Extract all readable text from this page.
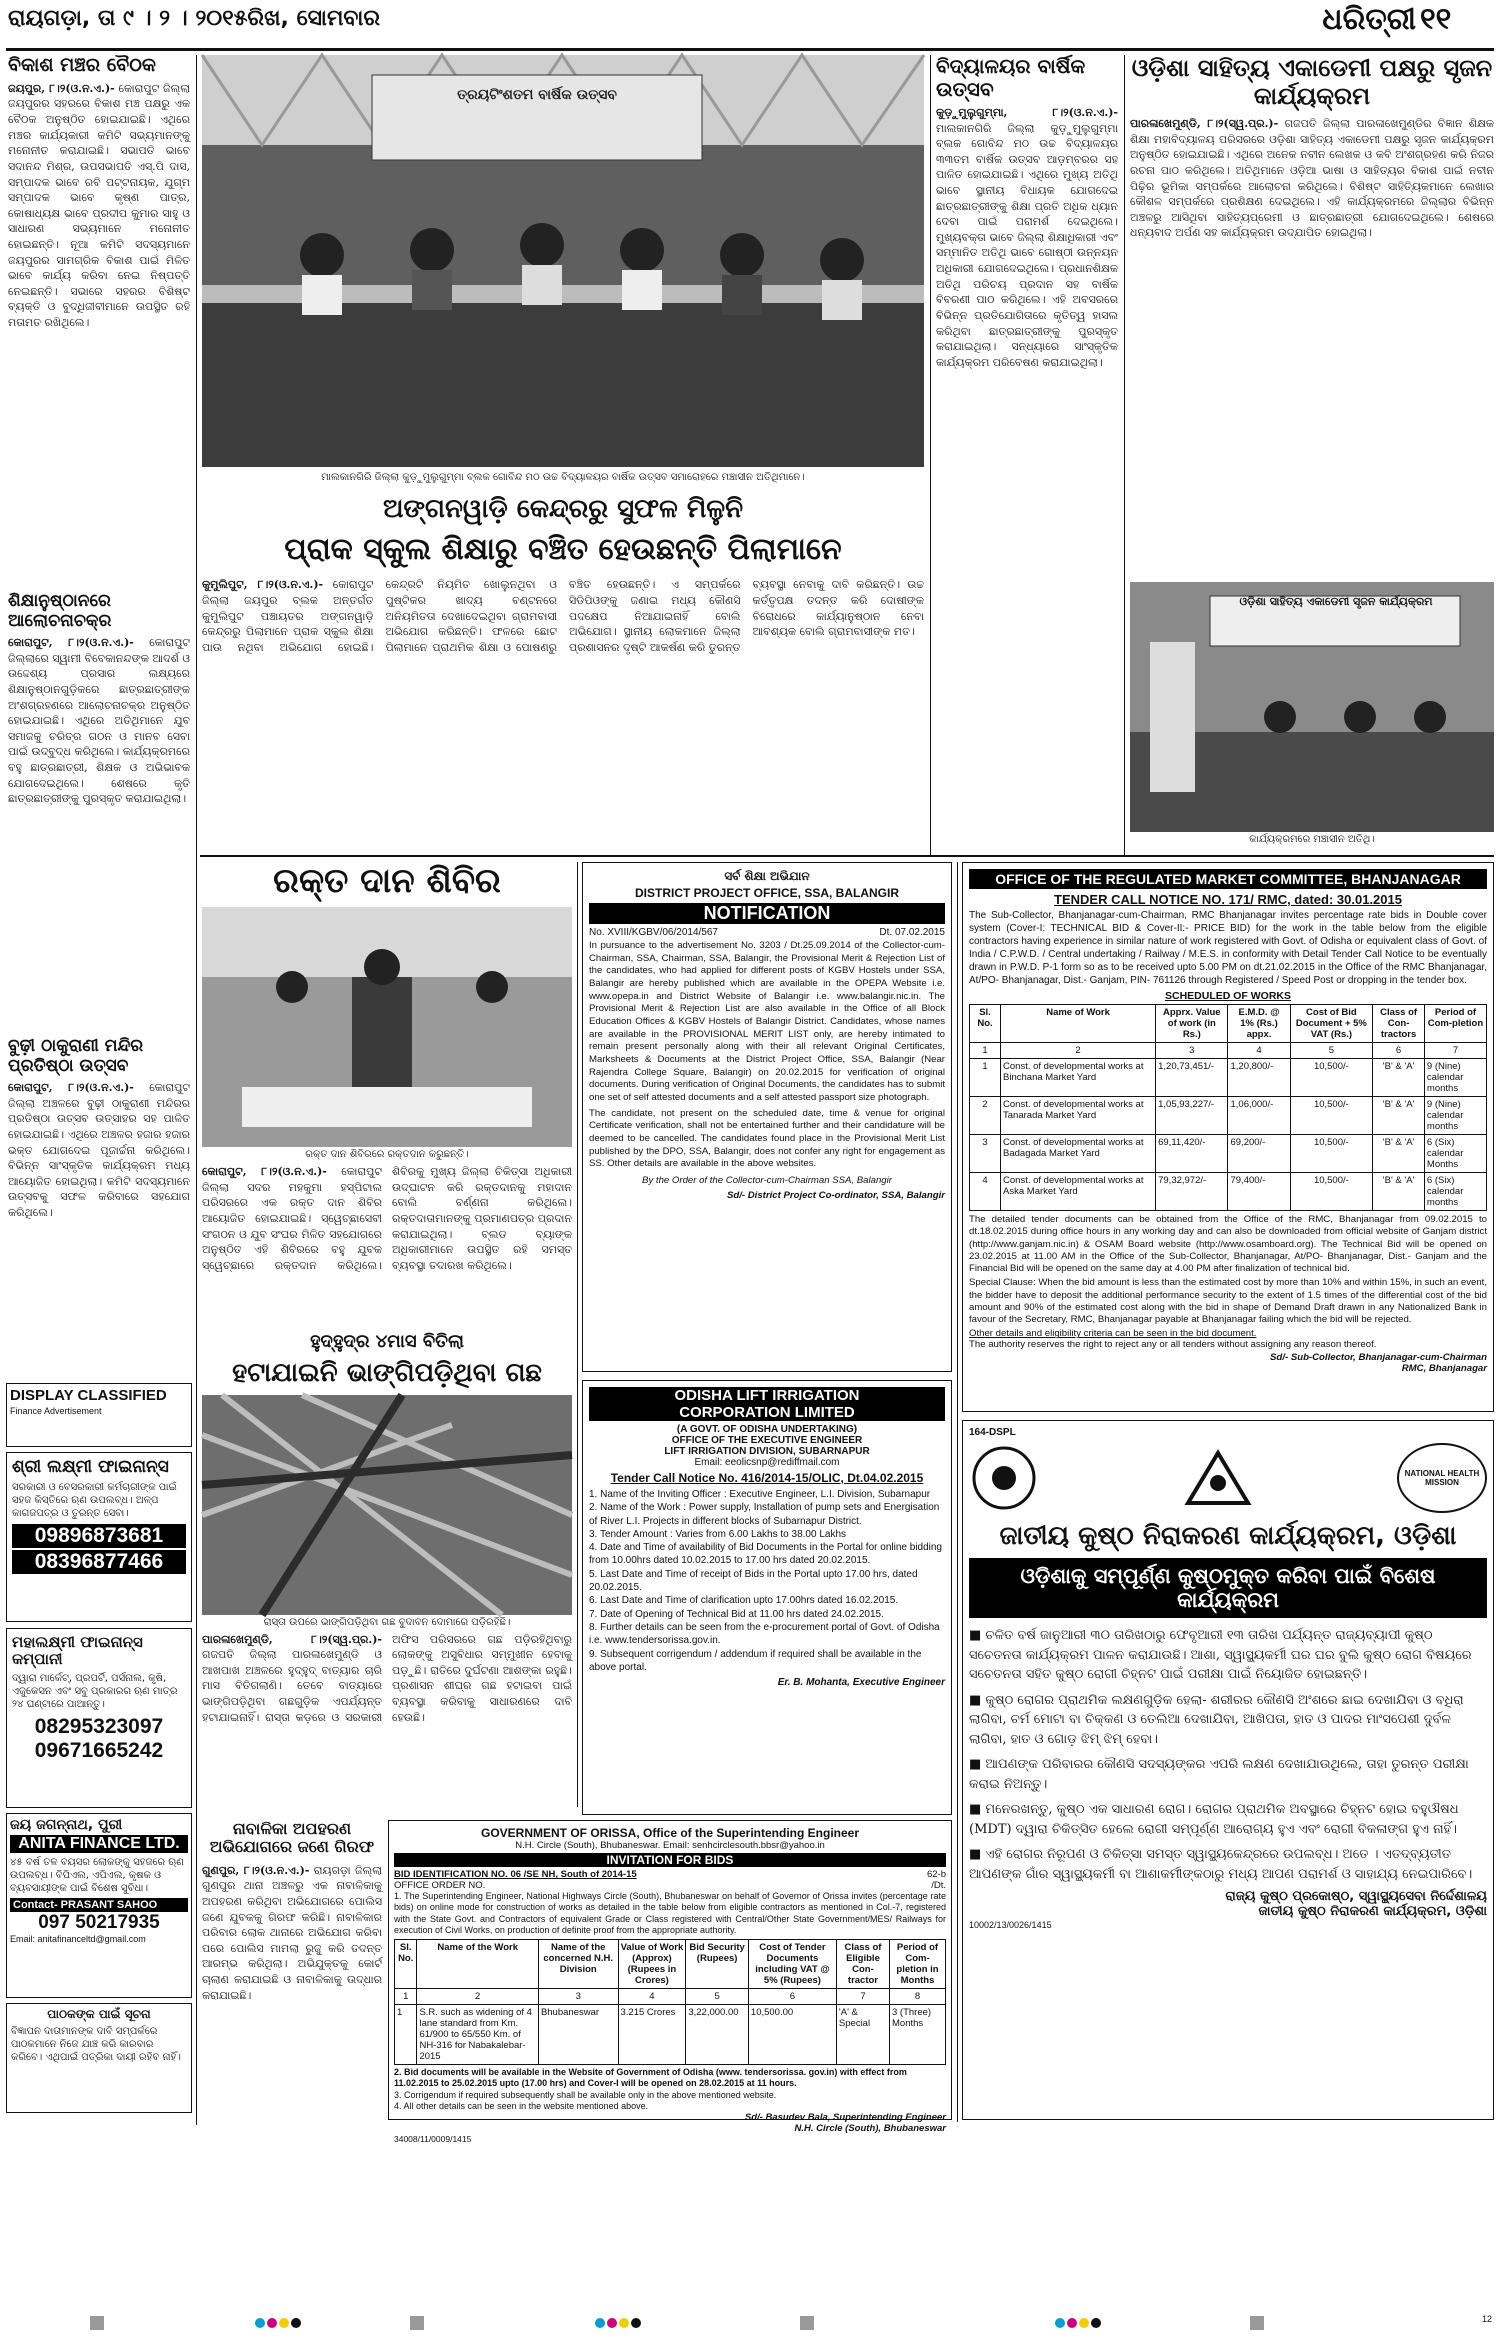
ରାୟଗଡ଼ା, ତା ୯ । ୨ । ୨୦୧୫ରିଖ, ସୋମବାର	ଧରିତ୍ରୀ ୧୧
ବିକାଶ ମଞ୍ଚର ବୈଠକ
ଜୟପୁର, ୮।୨(ଓ.ନ.ଏ.)- କୋରାପୁଟ ଜିଲ୍ଲା ଜୟପୁରର ସହରରେ ବିକାଶ ମଞ୍ଚ ପକ୍ଷରୁ ଏକ ବୈଠକ ଅନୁଷ୍ଠିତ ହୋଇଯାଇଛି। ଏଥିରେ ମଞ୍ଚର କାର୍ଯ୍ୟକାରୀ କମିଟି ସଭ୍ୟମାନଙ୍କୁ ମନୋନୀତ କରାଯାଇଛି। ସଭାପତି ଭାବେ ସଦାନନ୍ଦ ମିଶ୍ର, ଉପସଭାପତି ଏସ୍‌.ପି ଦାସ, ସମ୍ପାଦକ ଭାବେ ରବି ପଟ୍ଟନାୟକ, ଯୁଗ୍ମ ସମ୍ପାଦକ ଭାବେ କୃଷ୍ଣ ପାତ୍ର, କୋଷାଧ୍ୟକ୍ଷ ଭାବେ ପ୍ରଦୀପ କୁମାର ସାହୁ ଓ ସାଧାରଣ ସଭ୍ୟମାନେ ମନୋନୀତ ହୋଇଛନ୍ତି। ନୂଆ କମିଟି ସଦସ୍ୟମାନେ ଜୟପୁରର ସାମଗ୍ରିକ ବିକାଶ ପାଇଁ ମିଳିତ ଭାବେ କାର୍ଯ୍ୟ କରିବା ନେଇ ନିଷ୍ପତ୍ତି ନେଇଛନ୍ତି। ସଭାରେ ସହରର ବିଶିଷ୍ଟ ବ୍ୟକ୍ତି ଓ ବୁଦ୍ଧିଜୀବୀମାନେ ଉପସ୍ଥିତ ରହି ମତାମତ ରଖିଥିଲେ।
ଶିକ୍ଷାନୁଷ୍ଠାନରେ ଆଲୋଚନାଚକ୍ର
କୋରାପୁଟ, ୮।୨(ଓ.ନ.ଏ.)- କୋରାପୁଟ ଜିଲ୍ଲାରେ ସ୍ୱାମୀ ବିବେକାନନ୍ଦଙ୍କ ଆଦର୍ଶ ଓ ଉଦ୍ଦେଶ୍ୟ ପ୍ରସାର ଲକ୍ଷ୍ୟରେ ଶିକ୍ଷାନୁଷ୍ଠାନଗୁଡ଼ିକରେ ଛାତ୍ରଛାତ୍ରୀଙ୍କ ଅଂଶଗ୍ରହଣରେ ଆଲୋଚନାଚକ୍ର ଅନୁଷ୍ଠିତ ହୋଇଯାଇଛି। ଏଥିରେ ଅତିଥିମାନେ ଯୁବ ସମାଜକୁ ଚରିତ୍ର ଗଠନ ଓ ମାନବ ସେବା ପାଇଁ ଉଦ୍ବୁଦ୍ଧ କରିଥିଲେ। କାର୍ଯ୍ୟକ୍ରମରେ ବହୁ ଛାତ୍ରଛାତ୍ରୀ, ଶିକ୍ଷକ ଓ ଅଭିଭାବକ ଯୋଗଦେଇଥିଲେ। ଶେଷରେ କୃତି ଛାତ୍ରଛାତ୍ରୀଙ୍କୁ ପୁରସ୍କୃତ କରାଯାଇଥିଲା।
ବୁଢ଼ୀ ଠାକୁରାଣୀ ମନ୍ଦିର ପ୍ରତିଷ୍ଠା ଉତ୍ସବ
କୋରାପୁଟ, ୮।୨(ଓ.ନ.ଏ.)- କୋରାପୁଟ ଜିଲ୍ଲା ଅଞ୍ଚଳରେ ବୁଢ଼ୀ ଠାକୁରାଣୀ ମନ୍ଦିରର ପ୍ରତିଷ୍ଠା ଉତ୍ସବ ଉତ୍ସାହର ସହ ପାଳିତ ହୋଇଯାଇଛି। ଏଥିରେ ଅଞ୍ଚଳର ହଜାର ହଜାର ଭକ୍ତ ଯୋଗଦେଇ ପୂଜାର୍ଚ୍ଚନା କରିଥିଲେ। ବିଭିନ୍ନ ସାଂସ୍କୃତିକ କାର୍ଯ୍ୟକ୍ରମ ମଧ୍ୟ ଆୟୋଜିତ ହୋଇଥିଲା। କମିଟି ସଦସ୍ୟମାନେ ଉତ୍ସବକୁ ସଫଳ କରିବାରେ ସହଯୋଗ କରିଥିଲେ।
DISPLAY CLASSIFIED
Finance Advertisement
ଶ୍ରୀ ଲକ୍ଷ୍ମୀ ଫାଇନାନ୍ସ
ସରକାରୀ ଓ ବେସରକାରୀ କର୍ମଚାରୀଙ୍କ ପାଇଁ ସହଜ କିସ୍ତିରେ ଋଣ ଉପଲବ୍ଧ। ଅଳ୍ପ କାଗଜପତ୍ର ଓ ତୁରନ୍ତ ସେବା।
09896873681
08396877466
ମହାଲକ୍ଷ୍ମୀ ଫାଇନାନ୍ସ କମ୍ପାନୀ
ଦ୍ୱାରା ମାର୍କେଟ୍, ପ୍ରପର୍ଟି, ପର୍ସନାଲ, କୃଷି, ଏଜୁକେସନ ଏବଂ ସବୁ ପ୍ରକାରର ଋଣ ମାତ୍ର ୨୪ ଘଣ୍ଟାରେ ପାଆନ୍ତୁ।
08295323097
09671665242
ଜୟ ଜଗନ୍ନାଥ, ପୁରୀ
ANITA FINANCE LTD.
୪୫ ବର୍ଷ ତଳ ବୟସର ଲୋକଙ୍କୁ ସହଜରେ ଋଣ ଉପଲବ୍ଧ। ବିପିଏଲ, ଏପିଏଲ, କୃଷକ ଓ ବ୍ୟବସାୟୀଙ୍କ ପାଇଁ ବିଶେଷ ସୁବିଧା।
Contact- PRASANT SAHOO
097 50217935
Email: anitafinanceltd@gmail.com
ପାଠକଙ୍କ ପାଇଁ ସୂଚନା
ବିଜ୍ଞାପନ ଦାତାମାନଙ୍କ ଦାବି ସମ୍ପର୍କରେ ପାଠକମାନେ ନିଜେ ଯାଞ୍ଚ କରି କାରବାର କରିବେ। ଏଥିପାଇଁ ପତ୍ରିକା ଦାୟୀ ରହିବ ନାହିଁ।
ତ୍ରୟଟିଂଶତମ ବାର୍ଷିକ ଉତ୍ସବ
ମାଲକାନଗିରି ଜିଲ୍ଲା କୁଡ଼ୁମୁଲୁଗୁମ୍ମା ବ୍ଲକ ଗୋବିନ୍ଦ ମଠ ଉଚ୍ଚ ବିଦ୍ୟାଳୟର ବାର୍ଷିକ ଉତ୍ସବ ସମାରୋହରେ ମଞ୍ଚାସୀନ ଅତିଥିମାନେ।
ବିଦ୍ୟାଳୟର ବାର୍ଷିକ ଉତ୍ସବ
କୁଡ଼ୁମୁଲୁଗୁମ୍ମା, ୮।୨(ଓ.ନ.ଏ.)- ମାଲକାନଗିରି ଜିଲ୍ଲା କୁଡ଼ୁମୁଲୁଗୁମ୍ମା ବ୍ଲକ ଗୋବିନ୍ଦ ମଠ ଉଚ୍ଚ ବିଦ୍ୟାଳୟର ୩୩ତମ ବାର୍ଷିକ ଉତ୍ସବ ଆଡ଼ମ୍ବରର ସହ ପାଳିତ ହୋଇଯାଇଛି। ଏଥିରେ ମୁଖ୍ୟ ଅତିଥି ଭାବେ ସ୍ଥାନୀୟ ବିଧାୟକ ଯୋଗଦେଇ ଛାତ୍ରଛାତ୍ରୀଙ୍କୁ ଶିକ୍ଷା ପ୍ରତି ଅଧିକ ଧ୍ୟାନ ଦେବା ପାଇଁ ପରାମର୍ଶ ଦେଇଥିଲେ। ମୁଖ୍ୟବକ୍ତା ଭାବେ ଜିଲ୍ଲା ଶିକ୍ଷାଧିକାରୀ ଏବଂ ସମ୍ମାନିତ ଅତିଥି ଭାବେ ଗୋଷ୍ଠୀ ଉନ୍ନୟନ ଅଧିକାରୀ ଯୋଗଦେଇଥିଲେ। ପ୍ରଧାନଶିକ୍ଷକ ଅତିଥି ପରିଚୟ ପ୍ରଦାନ ସହ ବାର୍ଷିକ ବିବରଣୀ ପାଠ କରିଥିଲେ। ଏହି ଅବସରରେ ବିଭିନ୍ନ ପ୍ରତିଯୋଗିତାରେ କୃତିତ୍ୱ ହାସଲ କରିଥିବା ଛାତ୍ରଛାତ୍ରୀଙ୍କୁ ପୁରସ୍କୃତ କରାଯାଇଥିଲା। ସନ୍ଧ୍ୟାରେ ସାଂସ୍କୃତିକ କାର୍ଯ୍ୟକ୍ରମ ପରିବେଷଣ କରାଯାଇଥିଲା।
ଓଡ଼ିଶା ସାହିତ୍ୟ ଏକାଡେମୀ ପକ୍ଷରୁ ସୃଜନ କାର୍ଯ୍ୟକ୍ରମ
ପାରଳାଖେମୁଣ୍ଡି, ୮।୨(ସ୍ୱ.ପ୍ର.)- ଗଜପତି ଜିଲ୍ଲା ପାରଳାଖେମୁଣ୍ଡିର ବିଜ୍ଞାନ ଶିକ୍ଷକ ଶିକ୍ଷା ମହାବିଦ୍ୟାଳୟ ପରିସରରେ ଓଡ଼ିଶା ସାହିତ୍ୟ ଏକାଡେମୀ ପକ୍ଷରୁ ସୃଜନ କାର୍ଯ୍ୟକ୍ରମ ଅନୁଷ୍ଠିତ ହୋଇଯାଇଛି। ଏଥିରେ ଅନେକ ନବୀନ ଲେଖକ ଓ କବି ଅଂଶଗ୍ରହଣ କରି ନିଜର ରଚନା ପାଠ କରିଥିଲେ। ଅତିଥିମାନେ ଓଡ଼ିଆ ଭାଷା ଓ ସାହିତ୍ୟର ବିକାଶ ପାଇଁ ନବୀନ ପିଢ଼ିର ଭୂମିକା ସମ୍ପର୍କରେ ଆଲୋଚନା କରିଥିଲେ। ବିଶିଷ୍ଟ ସାହିତ୍ୟିକମାନେ ଲେଖାର କୌଶଳ ସମ୍ପର୍କରେ ପ୍ରଶିକ୍ଷଣ ଦେଇଥିଲେ। ଏହି କାର୍ଯ୍ୟକ୍ରମରେ ଜିଲ୍ଲାର ବିଭିନ୍ନ ଅଞ୍ଚଳରୁ ଆସିଥିବା ସାହିତ୍ୟପ୍ରେମୀ ଓ ଛାତ୍ରଛାତ୍ରୀ ଯୋଗଦେଇଥିଲେ। ଶେଷରେ ଧନ୍ୟବାଦ ଅର୍ପଣ ସହ କାର୍ଯ୍ୟକ୍ରମ ଉଦ୍‌ଯାପିତ ହୋଇଥିଲା।
ଓଡ଼ିଶା ସାହିତ୍ୟ ଏକାଡେମୀ ସୃଜନ କାର୍ଯ୍ୟକ୍ରମ
କାର୍ଯ୍ୟକ୍ରମରେ ମଞ୍ଚାସୀନ ଅତିଥି।
ଅଙ୍ଗନୱାଡ଼ି କେନ୍ଦ୍ରରୁ ସୁଫଳ ମିଳୁନି
ପ୍ରାକ ସ୍କୁଲ ଶିକ୍ଷାରୁ ବଞ୍ଚିତ ହେଉଛନ୍ତି ପିଲାମାନେ
କୁମୁଲିପୁଟ, ୮।୨(ଓ.ନ.ଏ.)- କୋରାପୁଟ ଜିଲ୍ଲା ଜୟପୁର ବ୍ଲକ ଅନ୍ତର୍ଗତ କୁମୁଲିପୁଟ ପଞ୍ଚାୟତର ଅଙ୍ଗନୱାଡ଼ି କେନ୍ଦ୍ରରୁ ପିଲାମାନେ ପ୍ରାକ ସ୍କୁଲ ଶିକ୍ଷା ପାଉ ନଥିବା ଅଭିଯୋଗ ହୋଇଛି। କେନ୍ଦ୍ରଟି ନିୟମିତ ଖୋଲୁନଥିବା ଓ ପୁଷ୍ଟିକର ଖାଦ୍ୟ ବଣ୍ଟନରେ ଅନିୟମିତତା ଦେଖାଦେଇଥିବା ଗ୍ରାମବାସୀ ଅଭିଯୋଗ କରିଛନ୍ତି। ଫଳରେ ଛୋଟ ପିଲାମାନେ ପ୍ରାଥମିକ ଶିକ୍ଷା ଓ ପୋଷଣରୁ ବଞ୍ଚିତ ହେଉଛନ୍ତି। ଏ ସମ୍ପର୍କରେ ସିଡିପିଓଙ୍କୁ ଜଣାଇ ମଧ୍ୟ କୌଣସି ପଦକ୍ଷେପ ନିଆଯାଇନାହିଁ ବୋଲି ଅଭିଯୋଗ। ସ୍ଥାନୀୟ ଲୋକମାନେ ଜିଲ୍ଲା ପ୍ରଶାସନର ଦୃଷ୍ଟି ଆକର୍ଷଣ କରି ତୁରନ୍ତ ବ୍ୟବସ୍ଥା ନେବାକୁ ଦାବି କରିଛନ୍ତି। ଉଚ୍ଚ କର୍ତ୍ତୃପକ୍ଷ ତଦନ୍ତ କରି ଦୋଷୀଙ୍କ ବିରୋଧରେ କାର୍ଯ୍ୟାନୁଷ୍ଠାନ ନେବା ଆବଶ୍ୟକ ବୋଲି ଗ୍ରାମବାସୀଙ୍କ ମତ।
ରକ୍ତ ଦାନ ଶିବିର
ରକ୍ତ ଦାନ ଶିବିରରେ ରକ୍ତଦାନ କରୁଛନ୍ତି।
କୋରାପୁଟ, ୮।୨(ଓ.ନ.ଏ.)- କୋରାପୁଟ ଜିଲ୍ଲା ସଦର ମହକୁମା ହସ୍ପିଟାଲ ପରିସରରେ ଏକ ରକ୍ତ ଦାନ ଶିବିର ଆୟୋଜିତ ହୋଇଯାଇଛି। ସ୍ୱେଚ୍ଛାସେବୀ ସଂଗଠନ ଓ ଯୁବ ସଂଘର ମିଳିତ ସହଯୋଗରେ ଅନୁଷ୍ଠିତ ଏହି ଶିବିରରେ ବହୁ ଯୁବକ ସ୍ୱେଚ୍ଛାରେ ରକ୍ତଦାନ କରିଥିଲେ। ଶିବିରକୁ ମୁଖ୍ୟ ଜିଲ୍ଲା ଚିକିତ୍ସା ଅଧିକାରୀ ଉଦ୍‌ଘାଟନ କରି ରକ୍ତଦାନକୁ ମହାଦାନ ବୋଲି ବର୍ଣ୍ଣନା କରିଥିଲେ। ରକ୍ତଦାତାମାନଙ୍କୁ ପ୍ରମାଣପତ୍ର ପ୍ରଦାନ କରାଯାଇଥିଲା। ବ୍ଲଡ ବ୍ୟାଙ୍କ ଅଧିକାରୀମାନେ ଉପସ୍ଥିତ ରହି ସମସ୍ତ ବ୍ୟବସ୍ଥା ତଦାରଖ କରିଥିଲେ।
ହୁଦ୍‌ହୁଦ୍‌ର ୪ମାସ ବିତିଲା
ହଟାଯାଇନି ଭାଙ୍ଗିପଡ଼ିଥିବା ଗଛ
ରାସ୍ତା ଉପରେ ଭାଙ୍ଗିପଡ଼ିଥିବା ଗଛ ବୁଦାବନ ଦୋମାରେ ପଡ଼ିରହିଛି।
ପାରଳାଖେମୁଣ୍ଡି, ୮।୨(ସ୍ୱ.ପ୍ର.)- ଗଜପତି ଜିଲ୍ଲା ପାରଳାଖେମୁଣ୍ଡି ଓ ଆଖପାଖ ଅଞ୍ଚଳରେ ହୁଦ୍‌ହୁଦ୍ ବାତ୍ୟାର ଚାରି ମାସ ବିତିଗଲାଣି। ତେବେ ବାତ୍ୟାରେ ଭାଙ୍ଗିପଡ଼ିଥିବା ଗଛଗୁଡ଼ିକ ଏପର୍ଯ୍ୟନ୍ତ ହଟାଯାଇନାହିଁ। ରାସ୍ତା କଡ଼ରେ ଓ ସରକାରୀ ଅଫିସ ପରିସରରେ ଗଛ ପଡ଼ିରହିଥିବାରୁ ଲୋକଙ୍କୁ ଅସୁବିଧାର ସମ୍ମୁଖୀନ ହେବାକୁ ପଡ଼ୁଛି। ରାତିରେ ଦୁର୍ଘଟଣା ଆଶଙ୍କା ରହୁଛି। ପ୍ରଶାସନ ଶୀଘ୍ର ଗଛ ହଟାଇବା ପାଇଁ ବ୍ୟବସ୍ଥା କରିବାକୁ ସାଧାରଣରେ ଦାବି ହେଉଛି।
ନାବାଳିକା ଅପହରଣ ଅଭିଯୋଗରେ ଜଣେ ଗିରଫ
ଗୁଣପୁର, ୮।୨(ଓ.ନ.ଏ.)- ରାୟଗଡ଼ା ଜିଲ୍ଲା ଗୁଣପୁର ଥାନା ଅଞ୍ଚଳରୁ ଏକ ନାବାଳିକାକୁ ଅପହରଣ କରିଥିବା ଅଭିଯୋଗରେ ପୋଲିସ ଜଣେ ଯୁବକକୁ ଗିରଫ କରିଛି। ନାବାଳିକାର ପରିବାର ଲୋକ ଥାନାରେ ଅଭିଯୋଗ କରିବା ପରେ ପୋଲିସ ମାମଲା ରୁଜୁ କରି ତଦନ୍ତ ଆରମ୍ଭ କରିଥିଲା। ଅଭିଯୁକ୍ତକୁ କୋର୍ଟ ଚାଲାଣ କରାଯାଇଛି ଓ ନାବାଳିକାକୁ ଉଦ୍ଧାର କରାଯାଇଛି।
ସର୍ବ ଶିକ୍ଷା ଅଭିଯାନ
DISTRICT PROJECT OFFICE, SSA, BALANGIR
NOTIFICATION
No. XVIII/KGBV/06/2014/567	Dt. 07.02.2015
In pursuance to the advertisement No. 3203 / Dt.25.09.2014 of the Collector-cum-Chairman, SSA, Chairman, SSA, Balangir, the Provisional Merit & Rejection List of the candidates, who had applied for different posts of KGBV Hostels under SSA, Balangir are hereby published which are available in the OPEPA Website i.e. www.opepa.in and District Website of Balangir i.e. www.balangir.nic.in. The Provisional Merit & Rejection List are also available in the Office of all Block Education Offices & KGBV Hostels of Balangir District. Candidates, whose names are available in the PROVISIONAL MERIT LIST only, are hereby intimated to remain present personally along with their all relevant Original Certificates, Marksheets & Documents at the District Project Office, SSA, Balangir (Near Rajendra College Square, Balangir) on 20.02.2015 for verification of original documents. During verification of Original Documents, the candidates has to submit one set of self attested documents and a self attested passport size photograph.
The candidate, not present on the scheduled date, time & venue for original Certificate verification, shall not be entertained further and their candidature will be deemed to be cancelled. The candidates found place in the Provisional Merit List published by the DPO, SSA, Balangir, does not confer any right for engagement as SS. Other details are available in the above websites.
By the Order of the Collector-cum-Chairman SSA, Balangir
Sd/- District Project Co-ordinator, SSA, Balangir
ODISHA LIFT IRRIGATION
CORPORATION LIMITED
(A GOVT. OF ODISHA UNDERTAKING)
OFFICE OF THE EXECUTIVE ENGINEER
LIFT IRRIGATION DIVISION, SUBARNAPUR
Email: eeolicsnp@rediffmail.com
Tender Call Notice No. 416/2014-15/OLIC, Dt.04.02.2015
1. Name of the Inviting Officer : Executive Engineer, L.I. Division, Subarnapur
2. Name of the Work : Power supply, Installation of pump sets and Energisation of River L.I. Projects in different blocks of Subarnapur District.
3. Tender Amount : Varies from 6.00 Lakhs to 38.00 Lakhs
4. Date and Time of availability of Bid Documents in the Portal for online bidding from 10.00hrs dated 10.02.2015 to 17.00 hrs dated 20.02.2015.
5. Last Date and Time of receipt of Bids in the Portal upto 17.00 hrs, dated 20.02.2015.
6. Last Date and Time of clarification upto 17.00hrs dated 16.02.2015.
7. Date of Opening of Technical Bid at 11.00 hrs dated 24.02.2015.
8. Further details can be seen from the e-procurement portal of Govt. of Odisha i.e. www.tendersorissa.gov.in.
9. Subsequent corrigendum / addendum if required shall be available in the above portal.
Er. B. Mohanta, Executive Engineer
GOVERNMENT OF ORISSA, Office of the Superintending Engineer
N.H. Circle (South), Bhubaneswar. Email: senhcirclesouth.bbsr@yahoo.in
INVITATION FOR BIDS
BID IDENTIFICATION NO. 06 /SE NH, South of 2014-15	62-b
OFFICE ORDER NO.	/Dt.
1. The Superintending Engineer, National Highways Circle (South), Bhubaneswar on behalf of Governor of Orissa invites (percentage rate bids) on online mode for construction of works as detailed in the table below from eligible contractors as mentioned in Col.-7, registered with the State Govt. and Contractors of equivalent Grade or Class registered with Central/Other State Government/MES/ Railways for execution of Civil Works, on production of definite proof from the appropriate authority.
Sl. No.	Name of the Work	Name of the concerned N.H. Division	Value of Work (Approx) (Rupees in Crores)	Bid Security (Rupees)	Cost of Tender Documents including VAT @ 5% (Rupees)	Class of Eligible Con-tractor	Period of Com-pletion in Months
1	2	3	4	5	6	7	8
1	S.R. such as widening of 4 lane standard from Km. 61/900 to 65/550 Km. of NH-316 for Nabakalebar-2015	Bhubaneswar	3.215 Crores	3,22,000.00	10,500.00	'A' & Special	3 (Three) Months
2. Bid documents will be available in the Website of Government of Odisha (www. tendersorissa. gov.in) with effect from 11.02.2015 to 25.02.2015 upto (17.00 hrs) and Cover-I will be opened on 28.02.2015 at 11 hours.
3. Corrigendum if required subsequently shall be available only in the above mentioned website.
4. All other details can be seen in the website mentioned above.
Sd/- Basudev Bala, Superintending Engineer
N.H. Circle (South), Bhubaneswar
34008/11/0009/1415
OFFICE OF THE REGULATED MARKET COMMITTEE, BHANJANAGAR
TENDER CALL NOTICE NO. 171/ RMC, dated: 30.01.2015
The Sub-Collector, Bhanjanagar-cum-Chairman, RMC Bhanjanagar invites percentage rate bids in Double cover system (Cover-I: TECHNICAL BID & Cover-II:- PRICE BID) for the work in the table below from the eligible contractors having experience in similar nature of work registered with Govt. of Odisha or equivalent class of Govt. of India / C.P.W.D. / Central undertaking / Railway / M.E.S. in conformity with Detail Tender Call Notice to be eventually drawn in P.W.D. P-1 form so as to be received upto 5.00 PM on dt.21.02.2015 in the Office of the RMC Bhanjanagar, At/PO- Bhanjanagar, Dist.- Ganjam, PIN- 761126 through Registered / Speed Post or dropping in the tender box.
SCHEDULED OF WORKS
Sl. No.	Name of Work	Apprx. Value of work (in Rs.)	E.M.D. @ 1% (Rs.) appx.	Cost of Bid Document + 5% VAT (Rs.)	Class of Con-tractors	Period of Com-pletion
1	2	3	4	5	6	7
1	Const. of developmental works at Binchana Market Yard	1,20,73,451/-	1,20,800/-	10,500/-	'B' & 'A'	9 (Nine) calendar months
2	Const. of developmental works at Tanarada Market Yard	1,05,93,227/-	1,06,000/-	10,500/-	'B' & 'A'	9 (Nine) calendar months
3	Const. of developmental works at Badagada Market Yard	69,11,420/-	69,200/-	10,500/-	'B' & 'A'	6 (Six) calendar Months
4	Const. of developmental works at Aska Market Yard	79,32,972/-	79,400/-	10,500/-	'B' & 'A'	6 (Six) calendar months
The detailed tender documents can be obtained from the Office of the RMC, Bhanjanagar from 09.02.2015 to dt.18.02.2015 during office hours in any working day and can also be downloaded from official website of Ganjam district (http://www.ganjam.nic.in) & OSAM Board website (http://www.osamboard.org). The Technical Bid will be opened on 23.02.2015 at 11.00 AM in the Office of the Sub-Collector, Bhanjanagar, At/PO- Bhanjanagar, Dist.- Ganjam and the Financial Bid will be opened on the same day at 4.00 PM after finalization of technical bid.
Special Clause: When the bid amount is less than the estimated cost by more than 10% and within 15%, in such an event, the bidder have to deposit the additional performance security to the extent of 1.5 times of the differential cost of the bid amount and 90% of the estimated cost along with the bid in shape of Demand Draft drawn in any Nationalized Bank in favour of the Secretary, RMC, Bhanjanagar payable at Bhanjanagar failing which the bid will be rejected.
Other details and eligibility criteria can be seen in the bid document.
The authority reserves the right to reject any or all tenders without assigning any reason thereof.
Sd/- Sub-Collector, Bhanjanagar-cum-Chairman
RMC, Bhanjanagar
164-DSPL
NATIONAL HEALTH MISSION
ଜାତୀୟ କୁଷ୍ଠ ନିରାକରଣ କାର୍ଯ୍ୟକ୍ରମ, ଓଡ଼ିଶା
ଓଡ଼ିଶାକୁ ସମ୍ପୂର୍ଣ୍ଣ କୁଷ୍ଠମୁକ୍ତ କରିବା ପାଇଁ ବିଶେଷ କାର୍ଯ୍ୟକ୍ରମ
■ ଚଳିତ ବର୍ଷ ଜାନୁଆରୀ ୩୦ ତାରିଖଠାରୁ ଫେବୃଆରୀ ୧୩ ତାରିଖ ପର୍ଯ୍ୟନ୍ତ ରାଜ୍ୟବ୍ୟାପୀ କୁଷ୍ଠ ସଚେତନତା କାର୍ଯ୍ୟକ୍ରମ ପାଳନ କରାଯାଉଛି। ଆଶା, ସ୍ୱାସ୍ଥ୍ୟକର୍ମୀ ଘର ଘର ବୁଲି କୁଷ୍ଠ ରୋଗ ବିଷୟରେ ସଚେତନତା ସହିତ କୁଷ୍ଠ ରୋଗୀ ଚିହ୍ନଟ ପାଇଁ ପରୀକ୍ଷା ପାଇଁ ନିୟୋଜିତ ହୋଇଛନ୍ତି।
■ କୁଷ୍ଠ ରୋଗର ପ୍ରାଥମିକ ଲକ୍ଷଣଗୁଡ଼ିକ ହେଲା- ଶରୀରର କୌଣସି ଅଂଶରେ ଛାଇ ଦେଖାଯିବା ଓ ବଧିରା ଲାଗିବା, ଚର୍ମ ମୋଟା ବା ଚିକ୍କଣ ଓ ତେଲିଆ ଦେଖାଯିବା, ଆଖିପତା, ହାତ ଓ ପାଦର ମାଂସପେଶୀ ଦୁର୍ବଳ ଲାଗିବା, ହାତ ଓ ଗୋଡ଼ ଝିମ୍ ଝିମ୍ ହେବା।
■ ଆପଣଙ୍କ ପରିବାରର କୌଣସି ସଦସ୍ୟଙ୍କର ଏପରି ଲକ୍ଷଣ ଦେଖାଯାଉଥିଲେ, ତାହା ତୁରନ୍ତ ପରୀକ୍ଷା କରାଇ ନିଅନ୍ତୁ।
■ ମନେରଖନ୍ତୁ, କୁଷ୍ଠ ଏକ ସାଧାରଣ ରୋଗ। ରୋଗର ପ୍ରାଥମିକ ଅବସ୍ଥାରେ ଚିହ୍ନଟ ହୋଇ ବହୁଔଷଧ (MDT) ଦ୍ୱାରା ଚିକିତ୍ସିତ ହେଲେ ରୋଗୀ ସମ୍ପୂର୍ଣ୍ଣ ଆରୋଗ୍ୟ ହୁଏ ଏବଂ ରୋଗୀ ବିକଳାଙ୍ଗ ହୁଏ ନାହିଁ।
■ ଏହି ରୋଗର ନିରୂପଣ ଓ ଚିକିତ୍ସା ସମସ୍ତ ସ୍ୱାସ୍ଥ୍ୟକେନ୍ଦ୍ରରେ ଉପଲବ୍ଧ। ଅତେ । ଏତଦ୍‌ବ୍ୟତୀତ ଆପଣଙ୍କ ଗାଁର ସ୍ୱାସ୍ଥ୍ୟକର୍ମୀ ବା ଆଶାକର୍ମୀଙ୍କଠାରୁ ମଧ୍ୟ ଆପଣ ପରାମର୍ଶ ଓ ସାହାଯ୍ୟ ନେଇପାରିବେ।
ରାଜ୍ୟ କୁଷ୍ଠ ପ୍ରକୋଷ୍ଠ, ସ୍ୱାସ୍ଥ୍ୟସେବା ନିର୍ଦ୍ଦେଶାଳୟ
ଜାତୀୟ କୁଷ୍ଠ ନିରାକରଣ କାର୍ଯ୍ୟକ୍ରମ, ଓଡ଼ିଶା
10002/13/0026/1415
12
